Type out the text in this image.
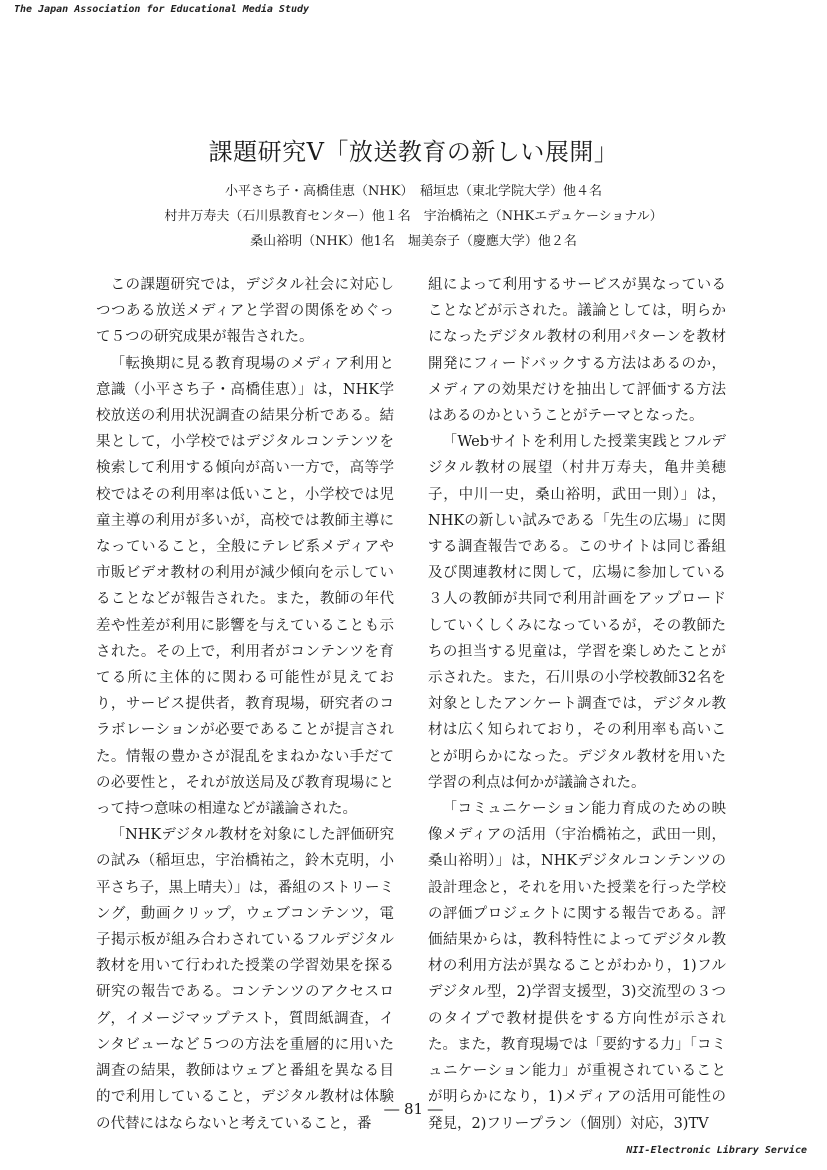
The Japan Association for Educational Media Study
課題研究Ⅴ「放送教育の新しい展開」
小平さち子・高橋佳恵（NHK）　稲垣忠（東北学院大学）他４名
村井万寿夫（石川県教育センター）他１名　宇治橋祐之（NHKエデュケーショナル）
桑山裕明（NHK）他1名　堀美奈子（慶應大学）他２名

この課題研究では，デジタル社会に対応しつつある放送メディアと学習の関係をめぐって５つの研究成果が報告された。

「転換期に見る教育現場のメディア利用と意識（小平さち子・高橋佳恵）」は，NHK学校放送の利用状況調査の結果分析である。結果として，小学校ではデジタルコンテンツを検索して利用する傾向が高い一方で，高等学校ではその利用率は低いこと，小学校では児童主導の利用が多いが，高校では教師主導になっていること，全般にテレビ系メディアや市販ビデオ教材の利用が減少傾向を示していることなどが報告された。また，教師の年代差や性差が利用に影響を与えていることも示された。その上で，利用者がコンテンツを育てる所に主体的に関わる可能性が見えており，サービス提供者，教育現場，研究者のコラボレーションが必要であることが提言された。情報の豊かさが混乱をまねかない手だての必要性と，それが放送局及び教育現場にとって持つ意味の相違などが議論された。

「NHKデジタル教材を対象にした評価研究の試み（稲垣忠，宇治橋祐之，鈴木克明，小平さち子，黒上晴夫）」は，番組のストリーミング，動画クリップ，ウェブコンテンツ，電子掲示板が組み合わされているフルデジタル教材を用いて行われた授業の学習効果を探る研究の報告である。コンテンツのアクセスログ，イメージマップテスト，質問紙調査，インタビューなど５つの方法を重層的に用いた調査の結果，教師はウェブと番組を異なる目的で利用していること，デジタル教材は体験の代替にはならないと考えていること，番

組によって利用するサービスが異なっていることなどが示された。議論としては，明らかになったデジタル教材の利用パターンを教材開発にフィードバックする方法はあるのか，メディアの効果だけを抽出して評価する方法はあるのかということがテーマとなった。

「Webサイトを利用した授業実践とフルデジタル教材の展望（村井万寿夫，亀井美穂子，中川一史，桑山裕明，武田一則）」は，NHKの新しい試みである「先生の広場」に関する調査報告である。このサイトは同じ番組及び関連教材に関して，広場に参加している３人の教師が共同で利用計画をアップロードしていくしくみになっているが，その教師たちの担当する児童は，学習を楽しめたことが示された。また，石川県の小学校教師32名を対象としたアンケート調査では，デジタル教材は広く知られており，その利用率も高いことが明らかになった。デジタル教材を用いた学習の利点は何かが議論された。

「コミュニケーション能力育成のための映像メディアの活用（宇治橋祐之，武田一則，桑山裕明）」は，NHKデジタルコンテンツの設計理念と，それを用いた授業を行った学校の評価プロジェクトに関する報告である。評価結果からは，教科特性によってデジタル教材の利用方法が異なることがわかり，1)フルデジタル型，2)学習支援型，3)交流型の３つのタイプで教材提供をする方向性が示された。また，教育現場では「要約する力」「コミュニケーション能力」が重視されていることが明らかになり，1)メディアの活用可能性の発見，2)フリープラン（個別）対応，3)TV

― 81 ―
NII-Electronic Library Service
